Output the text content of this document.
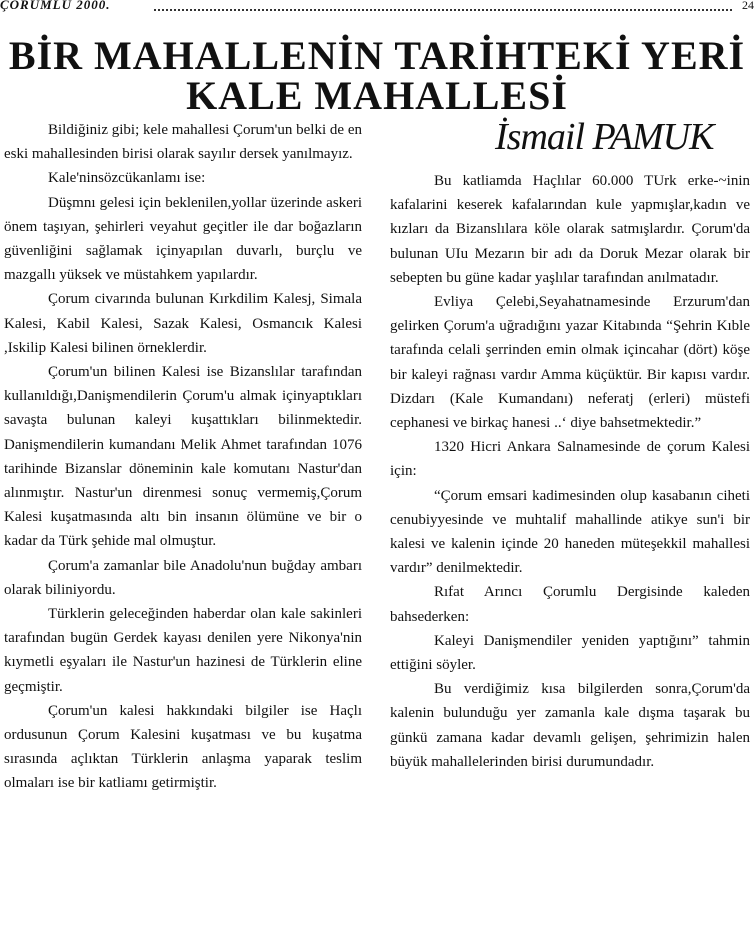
ÇORUMLU 2000.	24
BİR MAHALLENİN TARİHTEKİ YERİ
KALE MAHALLESİ
İsmail PAMUK

Bildiğiniz gibi; kele mahallesi Çorum'un belki de en eski mahallesinden birisi olarak sayılır dersek yanılmayız.

Kale'ninsözcükanlamı ise:

Düşmnı gelesi için beklenilen,yollar üzerinde askeri önem taşıyan, şehirleri veyahut geçitler ile dar boğazların güvenliğini sağlamak içinyapılan duvarlı, burçlu ve mazgallı yüksek ve müstahkem yapılardır.

Çorum civarında bulunan Kırkdilim Kalesj, Simala Kalesi, Kabil Kalesi, Sazak Kalesi, Osmancık Kalesi ,Iskilip Kalesi bilinen örneklerdir.

Çorum'un bilinen Kalesi ise Bizanslılar tarafından kullanıldığı,Danişmendilerin Çorum'u almak içinyaptıkları savaşta bulunan kaleyi kuşattıkları bilinmektedir. Danişmendilerin kumandanı Melik Ahmet tarafından 1076 tarihinde Bizanslar döneminin kale komutanı Nastur'dan alınmıştır. Nastur'un direnmesi sonuç vermemiş,Çorum Kalesi kuşatmasında altı bin insanın ölümüne ve bir o kadar da Türk şehide mal olmuştur.

Çorum'a zamanlar bile Anadolu'nun buğday ambarı olarak biliniyordu.

Türklerin geleceğinden haberdar olan kale sakinleri tarafından bugün Gerdek kayası denilen yere Nikonya'nin kıymetli eşyaları ile Nastur'un hazinesi de Türklerin eline geçmiştir.

Çorum'un kalesi hakkındaki bilgiler ise Haçlı ordusunun Çorum Kalesini kuşatması ve bu kuşatma sırasında açlıktan Türklerin anlaşma yaparak teslim olmaları ise bir katliamı getirmiştir.

Bu katliamda Haçlılar 60.000 TUrk erke-~inin kafalarini keserek kafalarından kule yapmışlar,kadın ve kızları da Bizanslılara köle olarak satmışlardır. Çorum'da bulunan UIu Mezarın bir adı da Doruk Mezar olarak bir sebepten bu güne kadar yaşlılar tarafından anılmatadır.

Evliya Çelebi,Seyahatnamesinde Erzurum'dan gelirken Çorum'a uğradığını yazar Kitabında “Şehrin Kıble tarafında celali şerrinden emin olmak içincahar (dört) köşe bir kaleyi rağnası vardır Amma küçüktür. Bir kapısı vardır. Dizdarı (Kale Kumandanı) neferatj (erleri) müstefi cephanesi ve birkaç hanesi ..‘ diye bahsetmektedir.”

1320 Hicri Ankara Salnamesinde de çorum Kalesi için:

“Çorum emsari kadimesinden olup kasabanın ciheti cenubiyyesinde ve muhtalif mahallinde atikye sun'i bir kalesi ve kalenin içinde 20 haneden müteşekkil mahallesi vardır” denilmektedir.

Rıfat Arıncı Çorumlu Dergisinde kaleden bahsederken:

Kaleyi Danişmendiler yeniden yaptığını” tahmin ettiğini söyler.

Bu verdiğimiz kısa bilgilerden sonra,Çorum'da kalenin bulunduğu yer zamanla kale dışma taşarak bu günkü zamana kadar devamlı gelişen, şehrimizin halen büyük mahallelerinden birisi durumundadır.
